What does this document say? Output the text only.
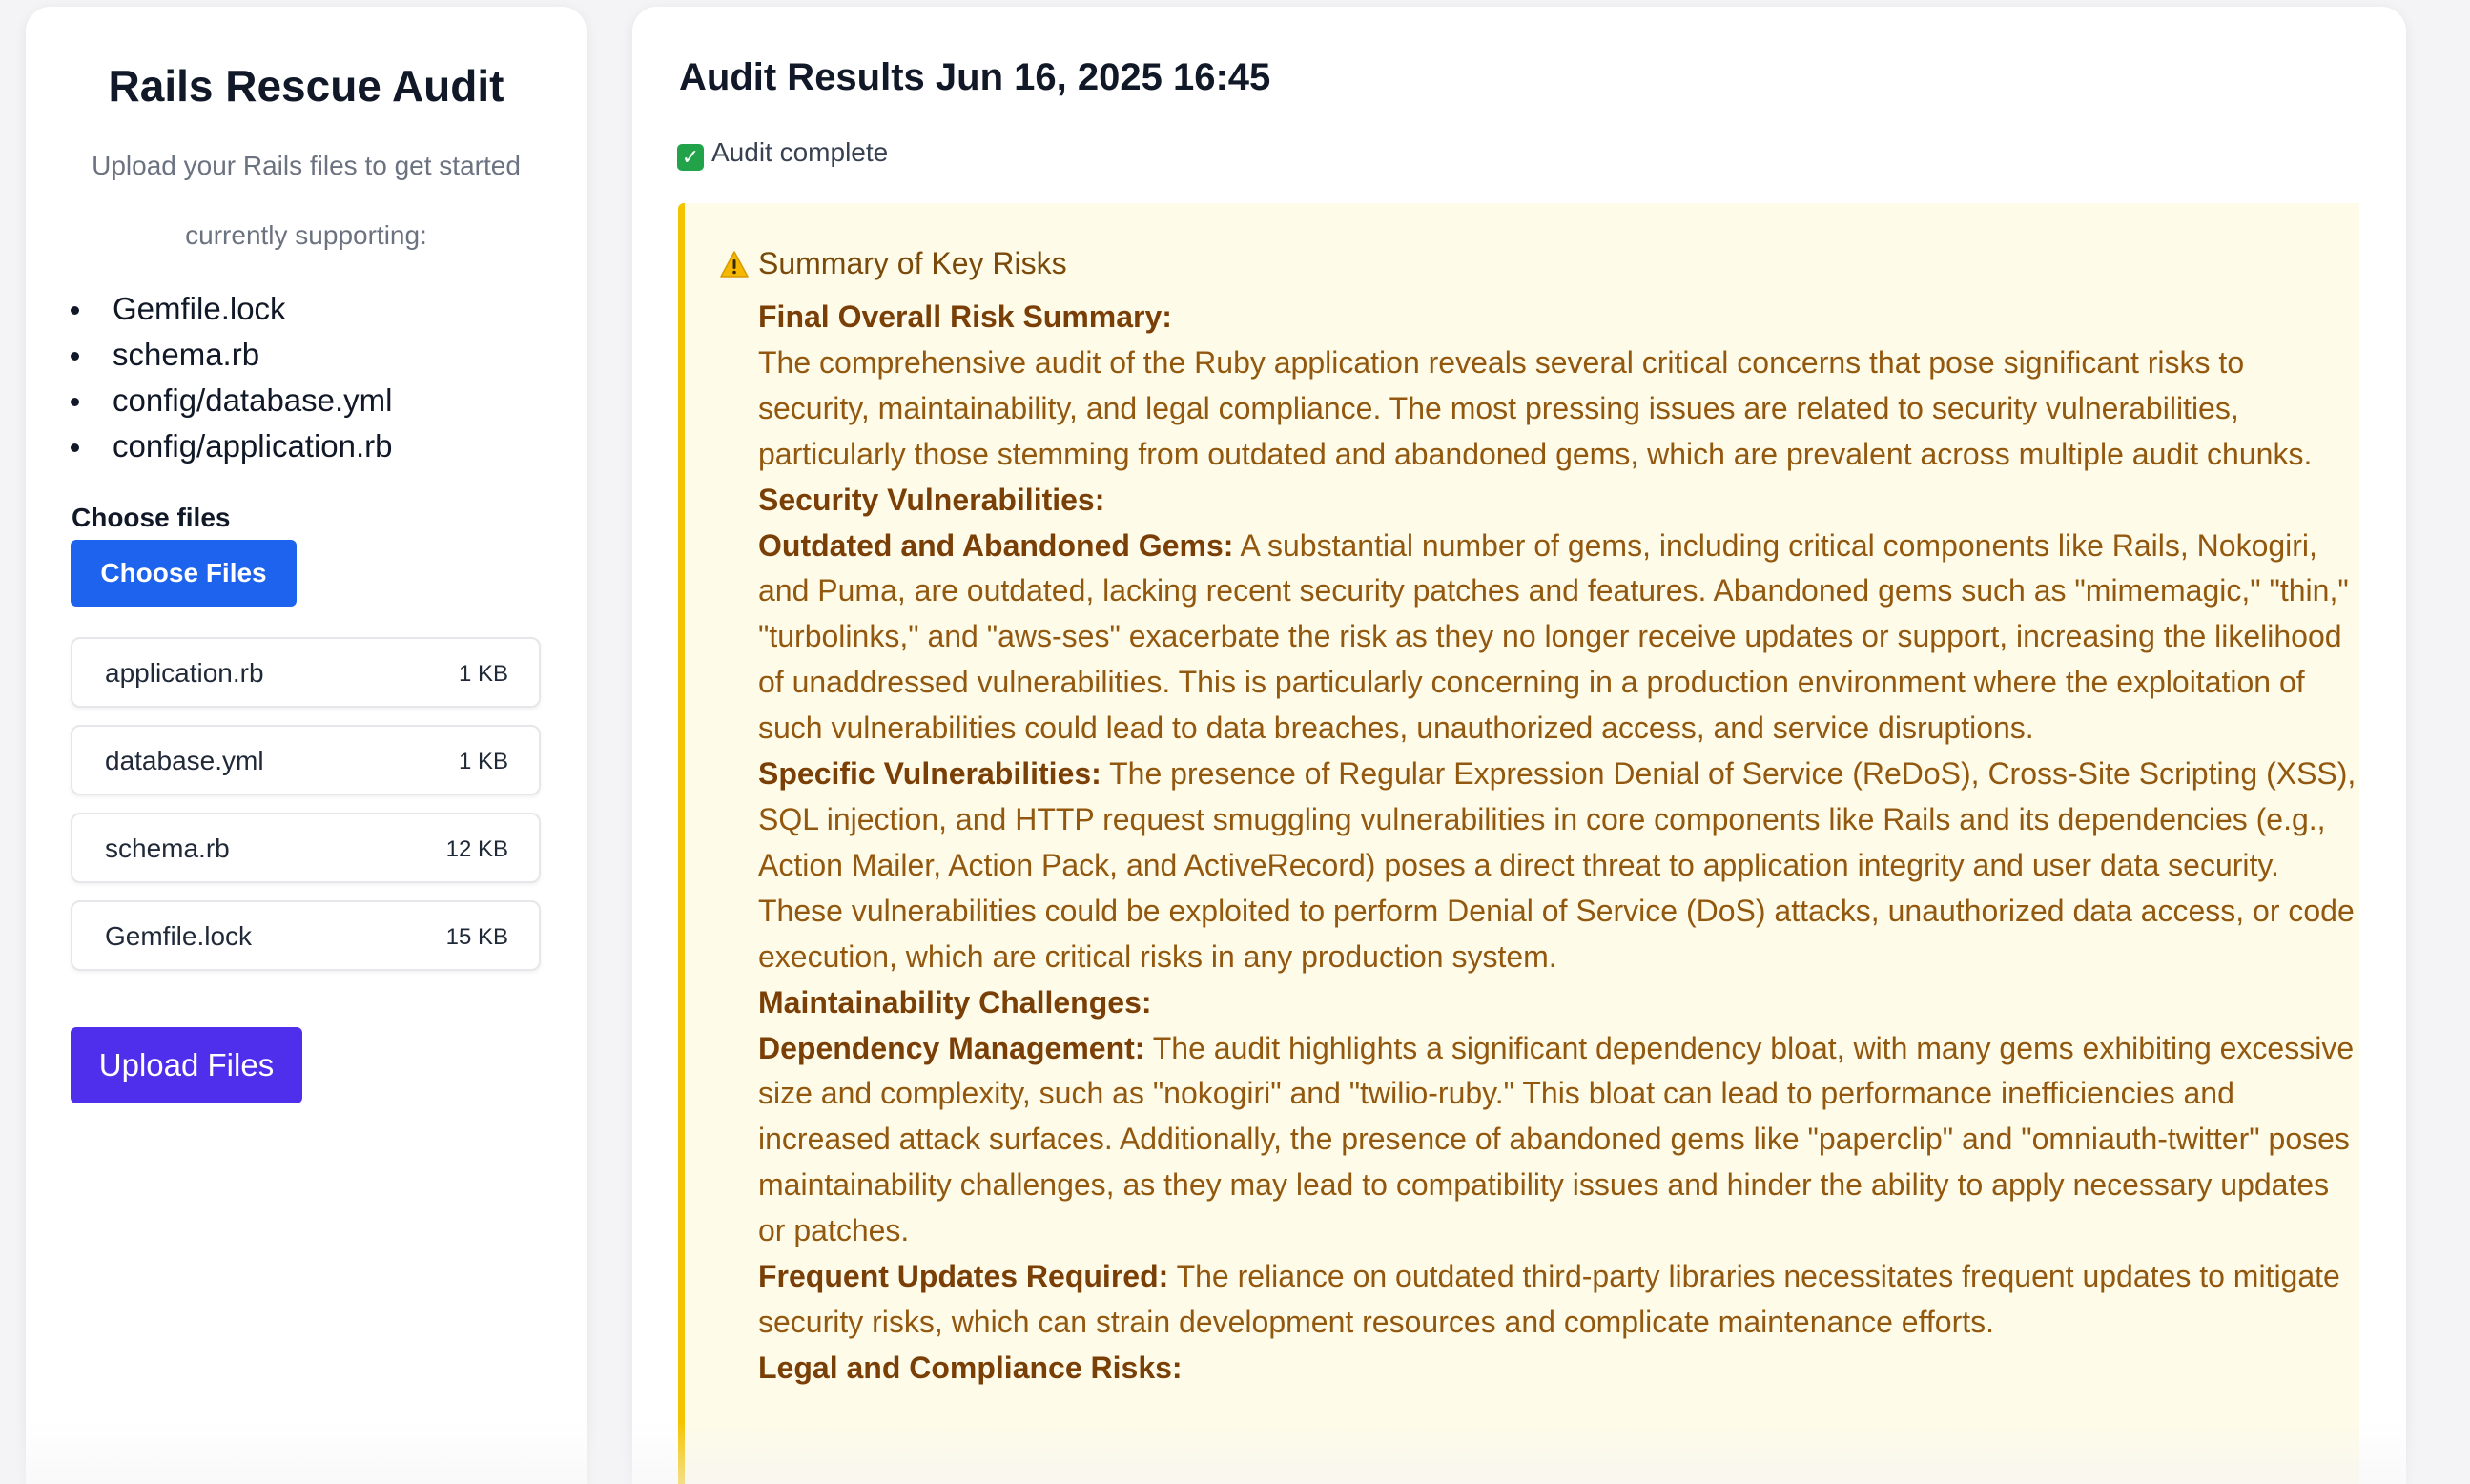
Rails Rescue Audit

Upload your Rails files to get started

currently supporting:

Gemfile.lock
schema.rb
config/database.yml
config/application.rb
Choose files
Choose Files
application.rb	1 KB
database.yml	1 KB
schema.rb	12 KB
Gemfile.lock	15 KB
Upload Files
Audit Results Jun 16, 2025 16:45
✓ Audit complete
Summary of Key Risks

Final Overall Risk Summary:

The comprehensive audit of the Ruby application reveals several critical concerns that pose significant risks to security, maintainability, and legal compliance. The most pressing issues are related to security vulnerabilities, particularly those stemming from outdated and abandoned gems, which are prevalent across multiple audit chunks.

Security Vulnerabilities:

Outdated and Abandoned Gems: A substantial number of gems, including critical components like Rails, Nokogiri, and Puma, are outdated, lacking recent security patches and features. Abandoned gems such as "mimemagic," "thin," "turbolinks," and "aws-ses" exacerbate the risk as they no longer receive updates or support, increasing the likelihood of unaddressed vulnerabilities. This is particularly concerning in a production environment where the exploitation of such vulnerabilities could lead to data breaches, unauthorized access, and service disruptions.

Specific Vulnerabilities: The presence of Regular Expression Denial of Service (ReDoS), Cross-Site Scripting (XSS), SQL injection, and HTTP request smuggling vulnerabilities in core components like Rails and its dependencies (e.g., Action Mailer, Action Pack, and ActiveRecord) poses a direct threat to application integrity and user data security. These vulnerabilities could be exploited to perform Denial of Service (DoS) attacks, unauthorized data access, or code execution, which are critical risks in any production system.

Maintainability Challenges:

Dependency Management: The audit highlights a significant dependency bloat, with many gems exhibiting excessive size and complexity, such as "nokogiri" and "twilio-ruby." This bloat can lead to performance inefficiencies and increased attack surfaces. Additionally, the presence of abandoned gems like "paperclip" and "omniauth-twitter" poses maintainability challenges, as they may lead to compatibility issues and hinder the ability to apply necessary updates or patches.

Frequent Updates Required: The reliance on outdated third-party libraries necessitates frequent updates to mitigate security risks, which can strain development resources and complicate maintenance efforts.

Legal and Compliance Risks:
